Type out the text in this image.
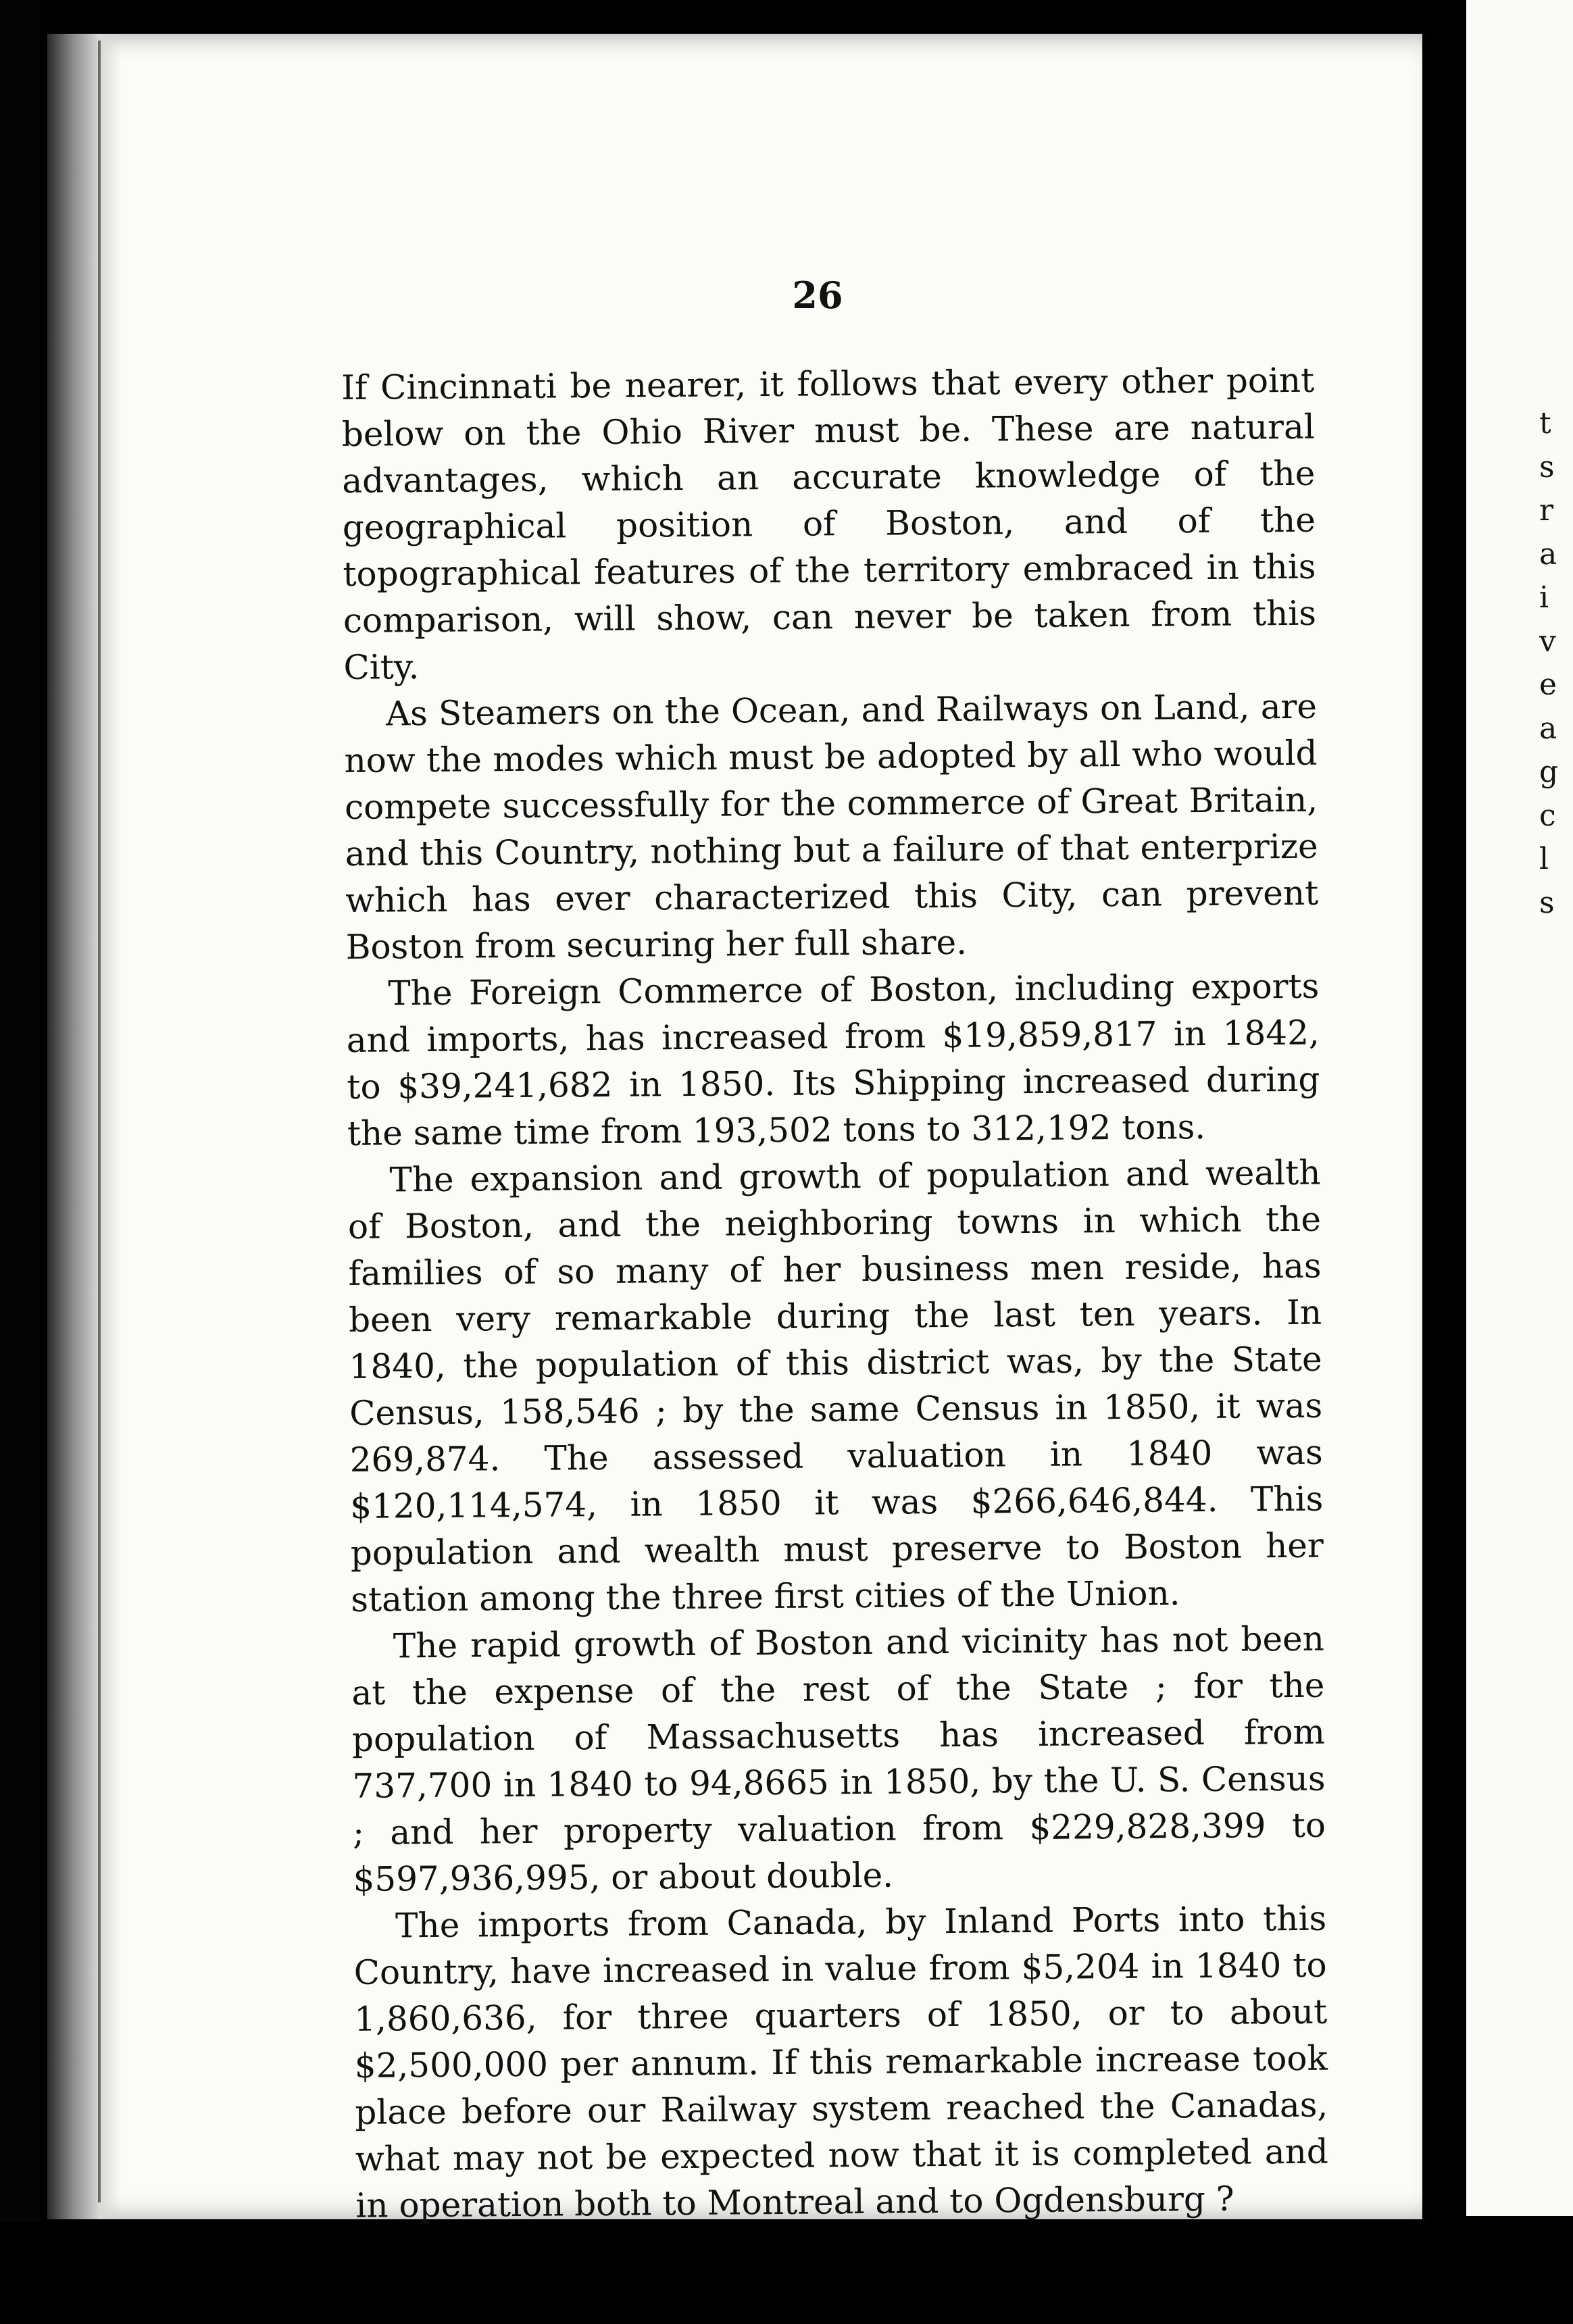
t
s
r
a
i
v
e
a
g
c
l
s
26

If Cincinnati be nearer, it follows that every other point below on the Ohio River must be. These are natural advantages, which an accurate knowledge of the geographical position of Boston, and of the topographical features of the territory embraced in this comparison, will show, can never be taken from this City.

As Steamers on the Ocean, and Railways on Land, are now the modes which must be adopted by all who would compete successfully for the commerce of Great Britain, and this Country, nothing but a failure of that enterprize which has ever characterized this City, can prevent Boston from securing her full share.

The Foreign Commerce of Boston, including exports and imports, has increased from $19,859,817 in 1842, to $39,241,682 in 1850. Its Shipping increased during the same time from 193,502 tons to 312,192 tons.

The expansion and growth of population and wealth of Boston, and the neighboring towns in which the families of so many of her business men reside, has been very remarkable during the last ten years. In 1840, the population of this district was, by the State Census, 158,546 ; by the same Census in 1850, it was 269,874. The assessed valuation in 1840 was $120,114,574, in 1850 it was $266,646,844. This population and wealth must preserve to Boston her station among the three first cities of the Union.

The rapid growth of Boston and vicinity has not been at the expense of the rest of the State ; for the population of Massachusetts has increased from 737,700 in 1840 to 94,8665 in 1850, by the U. S. Census ; and her property valuation from $229,828,399 to $597,936,995, or about double.

The imports from Canada, by Inland Ports into this Country, have increased in value from $5,204 in 1840 to 1,860,636, for three quarters of 1850, or to about $2,500,000 per annum. If this remarkable increase took place before our Railway system reached the Canadas, what may not be expected now that it is completed and in operation both to Montreal and to Ogdensburg ?
